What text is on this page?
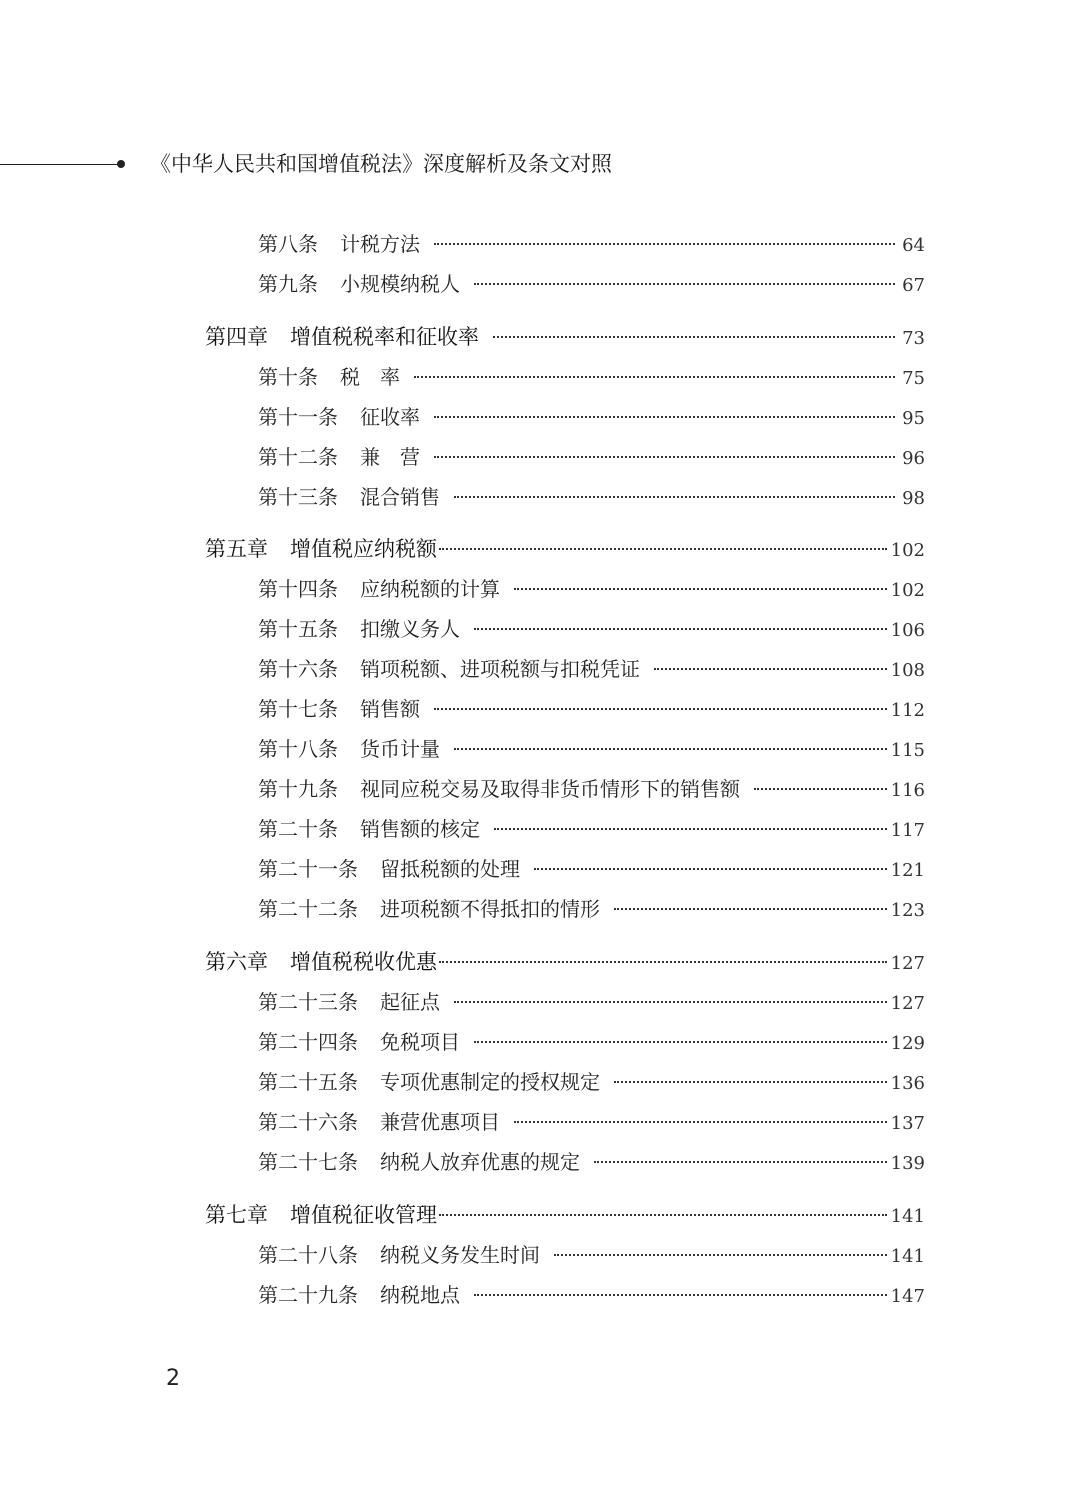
《中华人民共和国增值税法》深度解析及条文对照
第八条 计税方法	64
第九条 小规模纳税人	67
第四章 增值税税率和征收率	73
第十条 税　率	75
第十一条 征收率	95
第十二条 兼　营	96
第十三条 混合销售	98
第五章 增值税应纳税额	102
第十四条 应纳税额的计算	102
第十五条 扣缴义务人	106
第十六条 销项税额、进项税额与扣税凭证	108
第十七条 销售额	112
第十八条 货币计量	115
第十九条 视同应税交易及取得非货币情形下的销售额	116
第二十条 销售额的核定	117
第二十一条 留抵税额的处理	121
第二十二条 进项税额不得抵扣的情形	123
第六章 增值税税收优惠	127
第二十三条 起征点	127
第二十四条 免税项目	129
第二十五条 专项优惠制定的授权规定	136
第二十六条 兼营优惠项目	137
第二十七条 纳税人放弃优惠的规定	139
第七章 增值税征收管理	141
第二十八条 纳税义务发生时间	141
第二十九条 纳税地点	147
2
